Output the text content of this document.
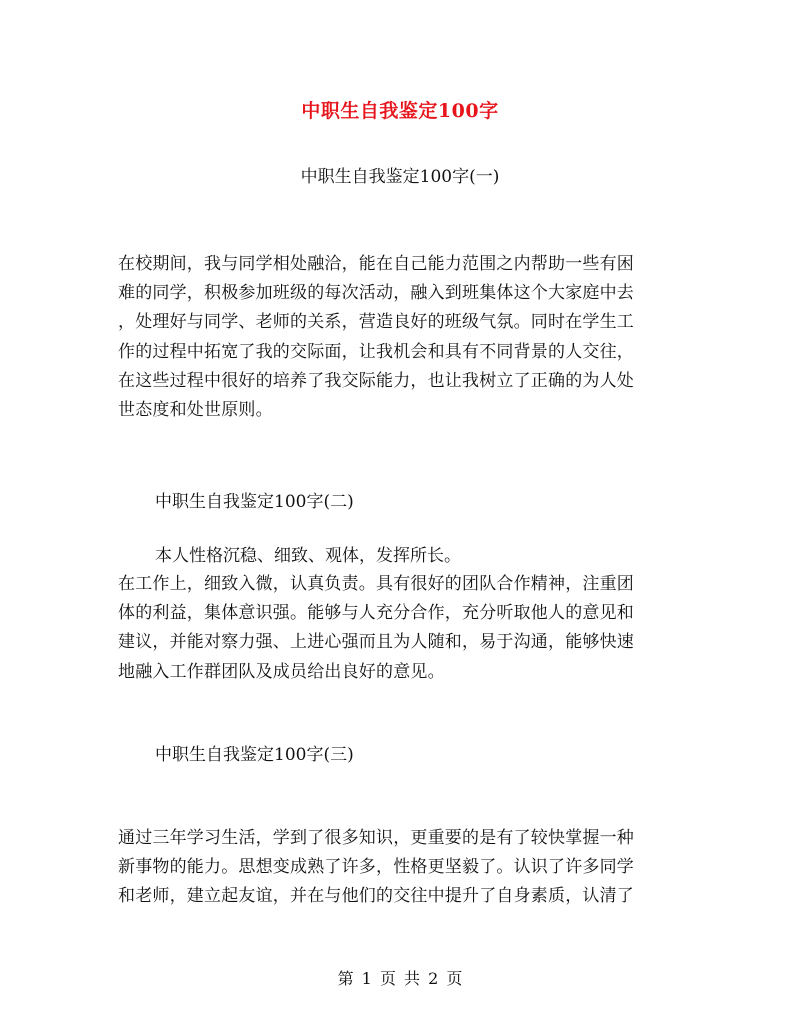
中职生自我鉴定100字
中职生自我鉴定100字(一)
在校期间，我与同学相处融洽，能在自己能力范围之内帮助一些有困
难的同学，积极参加班级的每次活动，融入到班集体这个大家庭中去
，处理好与同学、老师的关系，营造良好的班级气氛。同时在学生工
作的过程中拓宽了我的交际面，让我机会和具有不同背景的人交往，
在这些过程中很好的培养了我交际能力，也让我树立了正确的为人处
世态度和处世原则。
中职生自我鉴定100字(二)
本人性格沉稳、细致、观体，发挥所长。
在工作上，细致入微，认真负责。具有很好的团队合作精神，注重团
体的利益，集体意识强。能够与人充分合作，充分听取他人的意见和
建议，并能对察力强、上进心强而且为人随和，易于沟通，能够快速
地融入工作群团队及成员给出良好的意见。
中职生自我鉴定100字(三)
通过三年学习生活，学到了很多知识，更重要的是有了较快掌握一种
新事物的能力。思想变成熟了许多，性格更坚毅了。认识了许多同学
和老师，建立起友谊，并在与他们的交往中提升了自身素质，认清了
第 1 页 共 2 页
